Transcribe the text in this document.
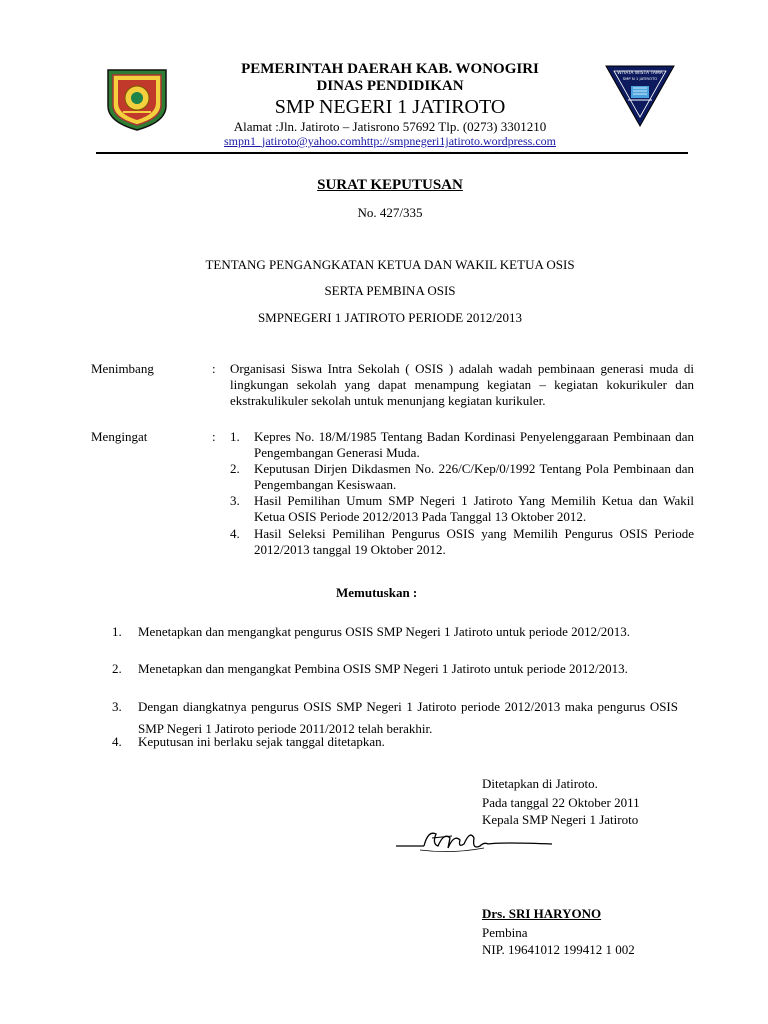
PEMERINTAH DAERAH KAB. WONOGIRI
DINAS PENDIDIKAN
SMP NEGERI 1 JATIROTO
Alamat :Jln. Jatiroto – Jatisrono 57692 Tlp. (0273) 3301210
smpn1_jatiroto@yahoo.comhttp://smpnegeri1jatiroto.wordpress.com
WIYATA WISTA TAMA
SMP N 1 JATIROTO
SURAT KEPUTUSAN
No. 427/335
TENTANG PENGANGKATAN KETUA DAN WAKIL KETUA OSIS
SERTA PEMBINA OSIS
SMPNEGERI 1 JATIROTO PERIODE 2012/2013
Menimbang	: Organisasi Siswa Intra Sekolah ( OSIS ) adalah wadah pembinaan generasi muda di lingkungan sekolah yang dapat menampung kegiatan – kegiatan kokurikuler dan ekstrakulikuler sekolah untuk menunjang kegiatan kurikuler.
Mengingat	: 1. Kepres No. 18/M/1985 Tentang Badan Kordinasi Penyelenggaraan Pembinaan dan Pengembangan Generasi Muda.
2. Keputusan Dirjen Dikdasmen No. 226/C/Kep/0/1992 Tentang Pola Pembinaan dan Pengembangan Kesiswaan.
3. Hasil Pemilihan Umum SMP Negeri 1 Jatiroto Yang Memilih Ketua dan Wakil Ketua OSIS Periode 2012/2013 Pada Tanggal 13 Oktober 2012.
4. Hasil Seleksi Pemilihan Pengurus OSIS yang Memilih Pengurus OSIS Periode 2012/2013 tanggal 19 Oktober 2012.
Memutuskan :
1. Menetapkan dan mengangkat pengurus OSIS SMP Negeri 1 Jatiroto untuk periode 2012/2013.
2. Menetapkan dan mengangkat Pembina OSIS SMP Negeri 1 Jatiroto untuk periode 2012/2013.
3. Dengan diangkatnya pengurus OSIS SMP Negeri 1 Jatiroto periode 2012/2013 maka pengurus OSIS SMP Negeri 1 Jatiroto periode 2011/2012 telah berakhir.
4. Keputusan ini berlaku sejak tanggal ditetapkan.
Ditetapkan di Jatiroto.
Pada tanggal 22 Oktober 2011
Kepala SMP Negeri 1 Jatiroto
Drs. SRI HARYONO
Pembina
NIP. 19641012 199412 1 002
